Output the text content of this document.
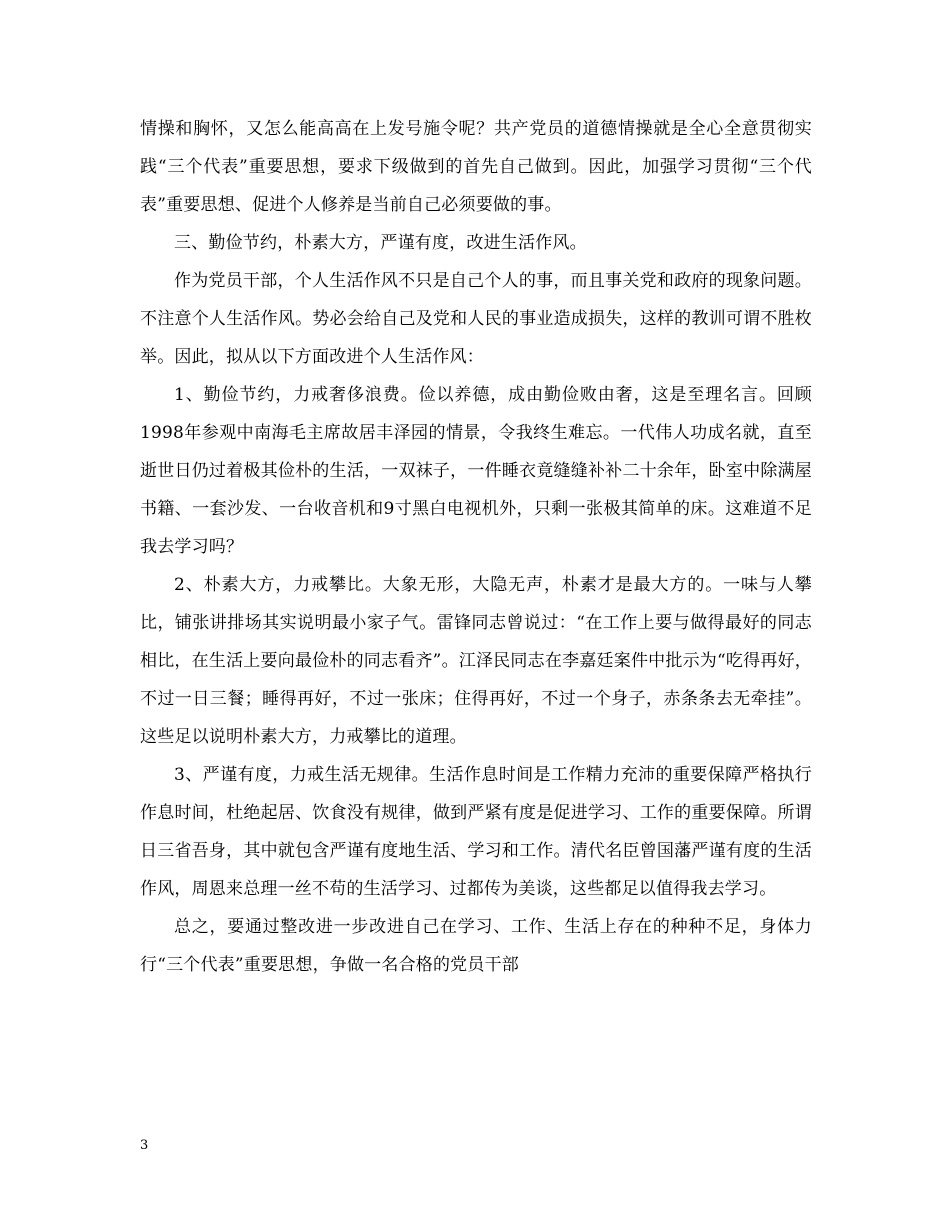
情操和胸怀，又怎么能高高在上发号施令呢？共产党员的道德情操就是全心全意贯彻实践“三个代表”重要思想，要求下级做到的首先自己做到。因此，加强学习贯彻“三个代表”重要思想、促进个人修养是当前自己必须要做的事。

三、勤俭节约，朴素大方，严谨有度，改进生活作风。

作为党员干部，个人生活作风不只是自己个人的事，而且事关党和政府的现象问题。不注意个人生活作风。势必会给自己及党和人民的事业造成损失，这样的教训可谓不胜枚举。因此，拟从以下方面改进个人生活作风：

1、勤俭节约，力戒奢侈浪费。俭以养德，成由勤俭败由奢，这是至理名言。回顾1998年参观中南海毛主席故居丰泽园的情景，令我终生难忘。一代伟人功成名就，直至逝世日仍过着极其俭朴的生活，一双袜子，一件睡衣竟缝缝补补二十余年，卧室中除满屋书籍、一套沙发、一台收音机和9寸黑白电视机外，只剩一张极其简单的床。这难道不足我去学习吗？

2、朴素大方，力戒攀比。大象无形，大隐无声，朴素才是最大方的。一味与人攀比，铺张讲排场其实说明最小家子气。雷锋同志曾说过：“在工作上要与做得最好的同志相比，在生活上要向最俭朴的同志看齐”。江泽民同志在李嘉廷案件中批示为“吃得再好，不过一日三餐；睡得再好，不过一张床；住得再好，不过一个身子，赤条条去无牵挂”。这些足以说明朴素大方，力戒攀比的道理。

3、严谨有度，力戒生活无规律。生活作息时间是工作精力充沛的重要保障严格执行作息时间，杜绝起居、饮食没有规律，做到严紧有度是促进学习、工作的重要保障。所谓日三省吾身，其中就包含严谨有度地生活、学习和工作。清代名臣曾国藩严谨有度的生活作风，周恩来总理一丝不苟的生活学习、过都传为美谈，这些都足以值得我去学习。

总之，要通过整改进一步改进自己在学习、工作、生活上存在的种种不足，身体力行“三个代表”重要思想，争做一名合格的党员干部

3
